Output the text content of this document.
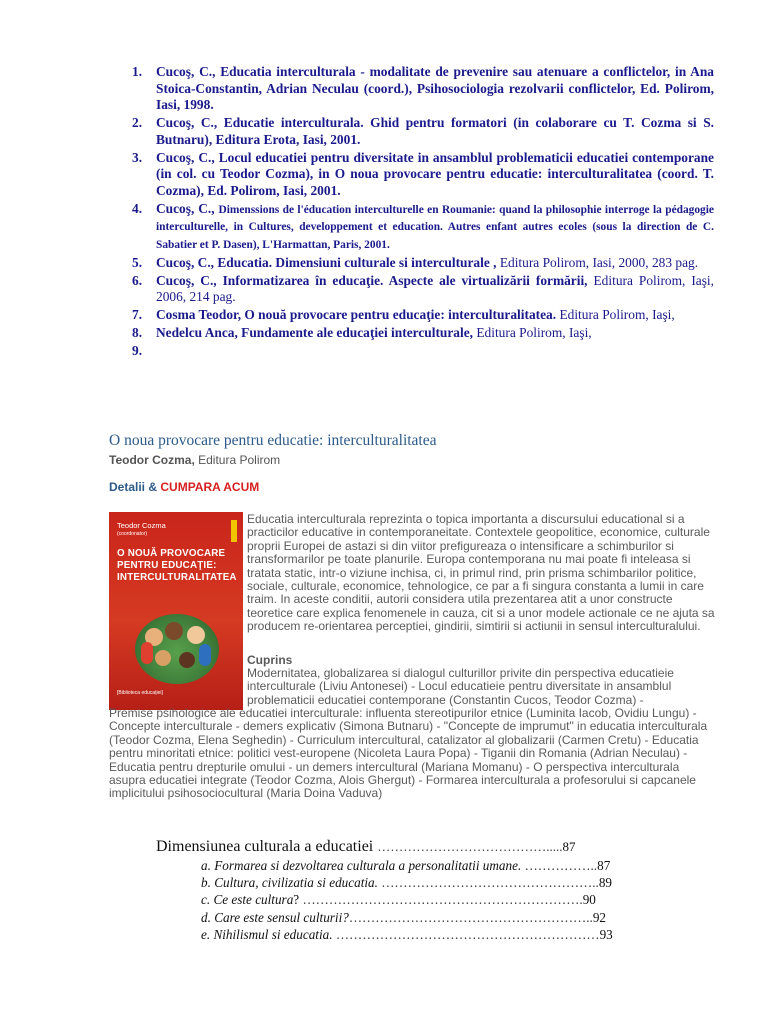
1. Cucoş, C., Educatia interculturala - modalitate de prevenire sau atenuare a conflictelor, in Ana Stoica-Constantin, Adrian Neculau (coord.), Psihosociologia rezolvarii conflictelor, Ed. Polirom, Iasi, 1998.
2. Cucoş, C., Educatie interculturala. Ghid pentru formatori (in colaborare cu T. Cozma si S. Butnaru), Editura Erota, Iasi, 2001.
3. Cucoş, C., Locul educatiei pentru diversitate in ansamblul problematicii educatiei contemporane (in col. cu Teodor Cozma), in O noua provocare pentru educatie: interculturalitatea (coord. T. Cozma), Ed. Polirom, Iasi, 2001.
4. Cucoş, C., Dimenssions de l'éducation interculturelle en Roumanie: quand la philosophie interroge la pédagogie interculturelle, in Cultures, developpement et education. Autres enfant autres ecoles (sous la direction de C. Sabatier et P. Dasen), L'Harmattan, Paris, 2001.
5. Cucoş, C., Educatia. Dimensiuni culturale si interculturale , Editura Polirom, Iasi, 2000, 283 pag.
6. Cucoş, C., Informatizarea în educaţie. Aspecte ale virtualizării formării, Editura Polirom, Iaşi, 2006, 214 pag.
7. Cosma Teodor, O nouă provocare pentru educaţie: interculturalitatea. Editura Polirom, Iaşi,
8. Nedelcu Anca, Fundamente ale educaţiei interculturale, Editura Polirom, Iaşi,
9.

O noua provocare pentru educatie: interculturalitatea
Teodor Cozma, Editura Polirom
Detalii & CUMPARA ACUM
Teodor Cozma
(coordonator)
O NOUĂ PROVOCARE PENTRU EDUCAŢIE: INTERCULTURALITATEA
[Biblioteca educației]

Educatia interculturala reprezinta o topica importanta a discursului educational si a practicilor educative in contemporaneitate. Contextele geopolitice, economice, culturale proprii Europei de astazi si din viitor prefigureaza o intensificare a schimburilor si transformarilor pe toate planurile. Europa contemporana nu mai poate fi inteleasa si tratata static, intr-o viziune inchisa, ci, in primul rind, prin prisma schimbarilor politice, sociale, culturale, economice, tehnologice, ce par a fi singura constanta a lumii in care traim. In aceste conditii, autorii considera utila prezentarea atit a unor constructe teoretice care explica fenomenele in cauza, cit si a unor modele actionale ce ne ajuta sa producem re-orientarea perceptiei, gindirii, simtirii si actiunii in sensul interculturalului.

Cuprins

Modernitatea, globalizarea si dialogul culturillor privite din perspectiva educatieie interculturale (Liviu Antonesei) - Locul educatieie pentru diversitate in ansamblul problematicii educatiei contemporane (Constantin Cucos, Teodor Cozma) -

Premise psihologice ale educatiei interculturale: influenta stereotipurilor etnice (Luminita Iacob, Ovidiu Lungu) - Concepte interculturale - demers explicativ (Simona Butnaru) - "Concepte de imprumut" in educatia interculturala (Teodor Cozma, Elena Seghedin) - Curriculum intercultural, catalizator al globalizarii (Carmen Cretu) - Educatia pentru minoritati etnice: politici vest-europene (Nicoleta Laura Popa) - Tiganii din Romania (Adrian Neculau) - Educatia pentru drepturile omului - un demers intercultural (Mariana Momanu) - O perspectiva interculturala asupra educatiei integrate (Teodor Cozma, Alois Ghergut) - Formarea interculturala a profesorului si capcanele implicitului psihosociocultural (Maria Doina Vaduva)

Dimensiunea culturala a educatiei ………………………………….....87
a. Formarea si dezvoltarea culturala a personalitatii umane. ……………..87
b. Cultura, civilizatia si educatia. …………………………………………..89
c. Ce este cultura? ……………………………………………………….90
d. Care este sensul culturii?………………………………………………..92
e. Nihilismul si educatia. ……………………………………………………93
